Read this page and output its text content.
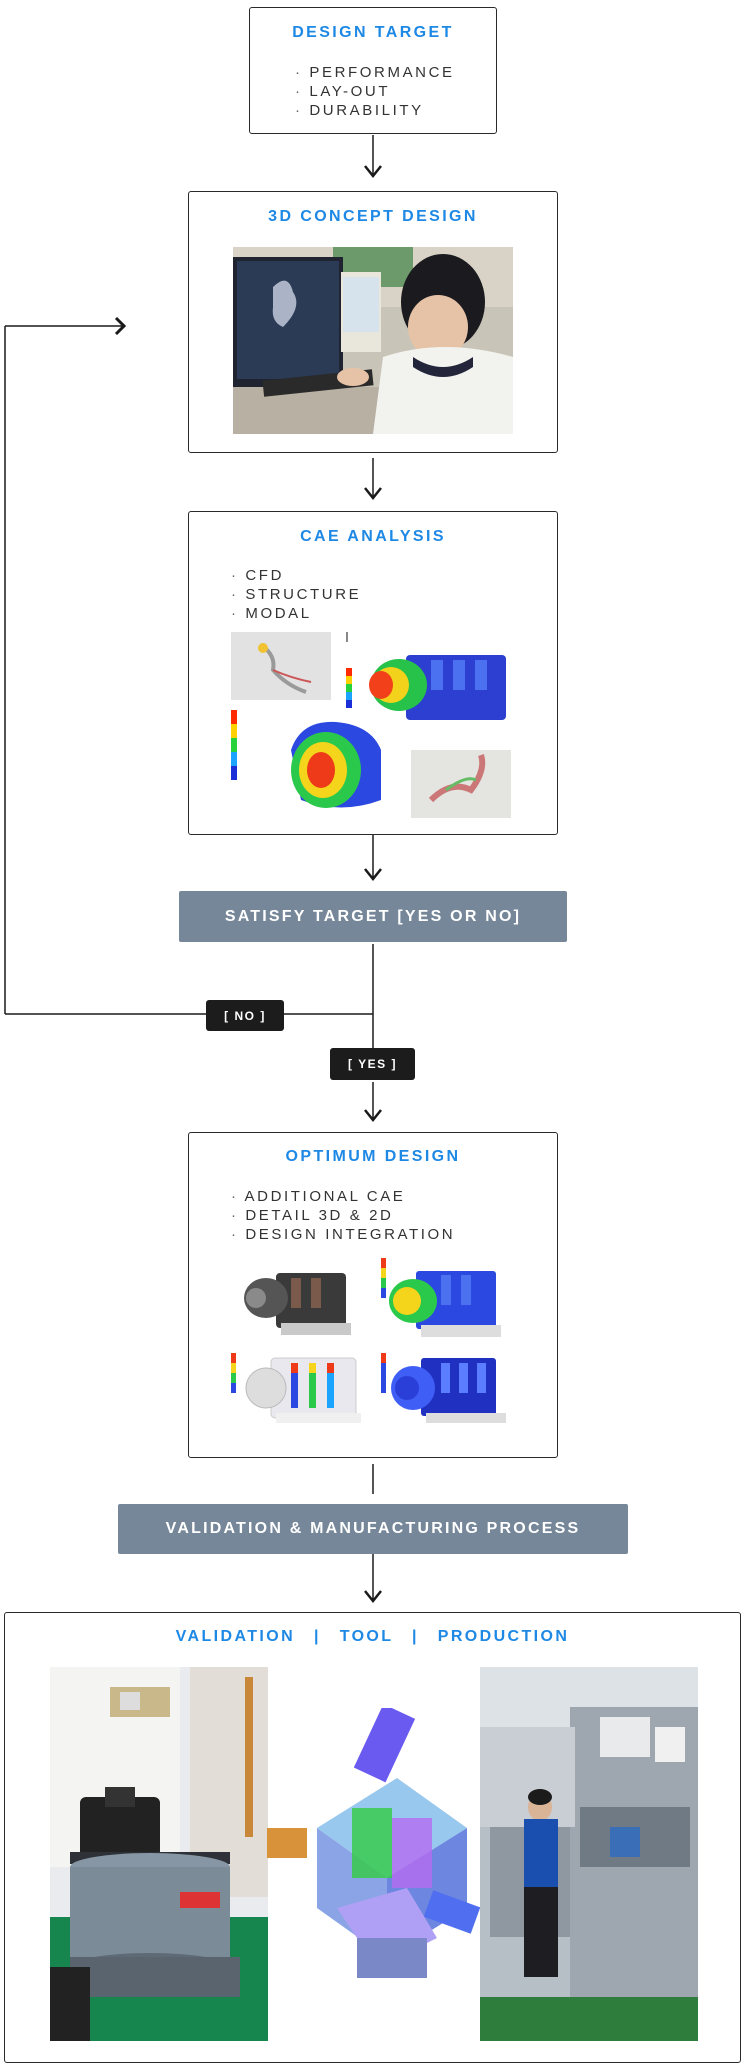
DESIGN TARGET
· PERFORMANCE
· LAY-OUT
· DURABILITY
3D CONCEPT DESIGN
CAE ANALYSIS
· CFD
· STRUCTURE
· MODAL
SATISFY TARGET [YES OR NO]
[ NO ]
[ YES ]
OPTIMUM DESIGN
· ADDITIONAL CAE
· DETAIL 3D & 2D
· DESIGN INTEGRATION
VALIDATION & MANUFACTURING PROCESS
VALIDATION | TOOL | PRODUCTION
